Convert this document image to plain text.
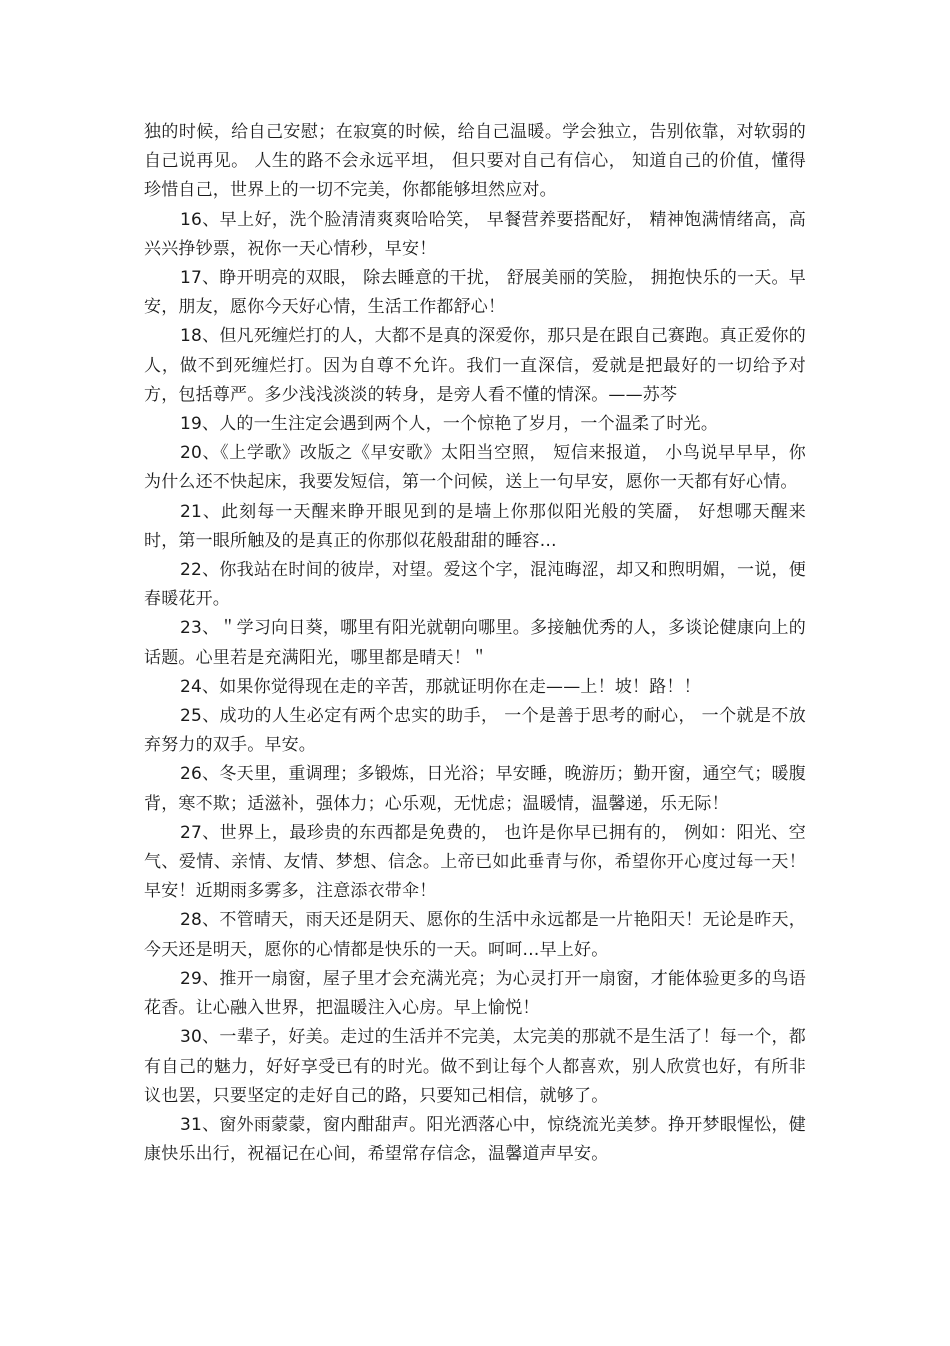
独的时候，给自己安慰；在寂寞的时候，给自己温暖。学会独立，告别依靠，对软弱的自己说再见。 人生的路不会永远平坦， 但只要对自己有信心， 知道自己的价值，懂得珍惜自己，世界上的一切不完美，你都能够坦然应对。

16、早上好，洗个脸清清爽爽哈哈笑， 早餐营养要搭配好， 精神饱满情绪高，高兴兴挣钞票，祝你一天心情秒，早安！

17、睁开明亮的双眼， 除去睡意的干扰， 舒展美丽的笑脸， 拥抱快乐的一天。早安，朋友，愿你今天好心情，生活工作都舒心！

18、但凡死缠烂打的人，大都不是真的深爱你，那只是在跟自己赛跑。真正爱你的人，做不到死缠烂打。因为自尊不允许。我们一直深信，爱就是把最好的一切给予对方，包括尊严。多少浅浅淡淡的转身，是旁人看不懂的情深。——苏芩

19、人的一生注定会遇到两个人，一个惊艳了岁月，一个温柔了时光。

20、《上学歌》改版之《早安歌》太阳当空照， 短信来报道， 小鸟说早早早，你为什么还不快起床，我要发短信，第一个问候，送上一句早安，愿你一天都有好心情。

21、此刻每一天醒来睁开眼见到的是墙上你那似阳光般的笑靥， 好想哪天醒来时，第一眼所触及的是真正的你那似花般甜甜的睡容…

22、你我站在时间的彼岸，对望。爱这个字，混沌晦涩，却又和煦明媚，一说，便春暖花开。

23、＂学习向日葵，哪里有阳光就朝向哪里。多接触优秀的人，多谈论健康向上的话题。心里若是充满阳光，哪里都是晴天！＂

24、如果你觉得现在走的辛苦，那就证明你在走——上！坡！路！！

25、成功的人生必定有两个忠实的助手， 一个是善于思考的耐心， 一个就是不放弃努力的双手。早安。

26、冬天里，重调理；多锻炼，日光浴；早安睡，晚游历；勤开窗，通空气；暖腹背，寒不欺；适滋补，强体力；心乐观，无忧虑；温暖情，温馨递，乐无际！

27、世界上，最珍贵的东西都是免费的， 也许是你早已拥有的， 例如：阳光、空气、爱情、亲情、友情、梦想、信念。上帝已如此垂青与你，希望你开心度过每一天！早安！近期雨多雾多，注意添衣带伞！

28、不管晴天，雨天还是阴天、愿你的生活中永远都是一片艳阳天！无论是昨天，今天还是明天，愿你的心情都是快乐的一天。呵呵…早上好。

29、推开一扇窗，屋子里才会充满光亮；为心灵打开一扇窗，才能体验更多的鸟语花香。让心融入世界，把温暖注入心房。早上愉悦！

30、一辈子，好美。走过的生活并不完美，太完美的那就不是生活了！每一个，都有自己的魅力，好好享受已有的时光。做不到让每个人都喜欢，别人欣赏也好，有所非议也罢，只要坚定的走好自己的路，只要知己相信，就够了。

31、窗外雨蒙蒙，窗内酣甜声。阳光洒落心中，惊绕流光美梦。挣开梦眼惺忪，健康快乐出行，祝福记在心间，希望常存信念，温馨道声早安。
